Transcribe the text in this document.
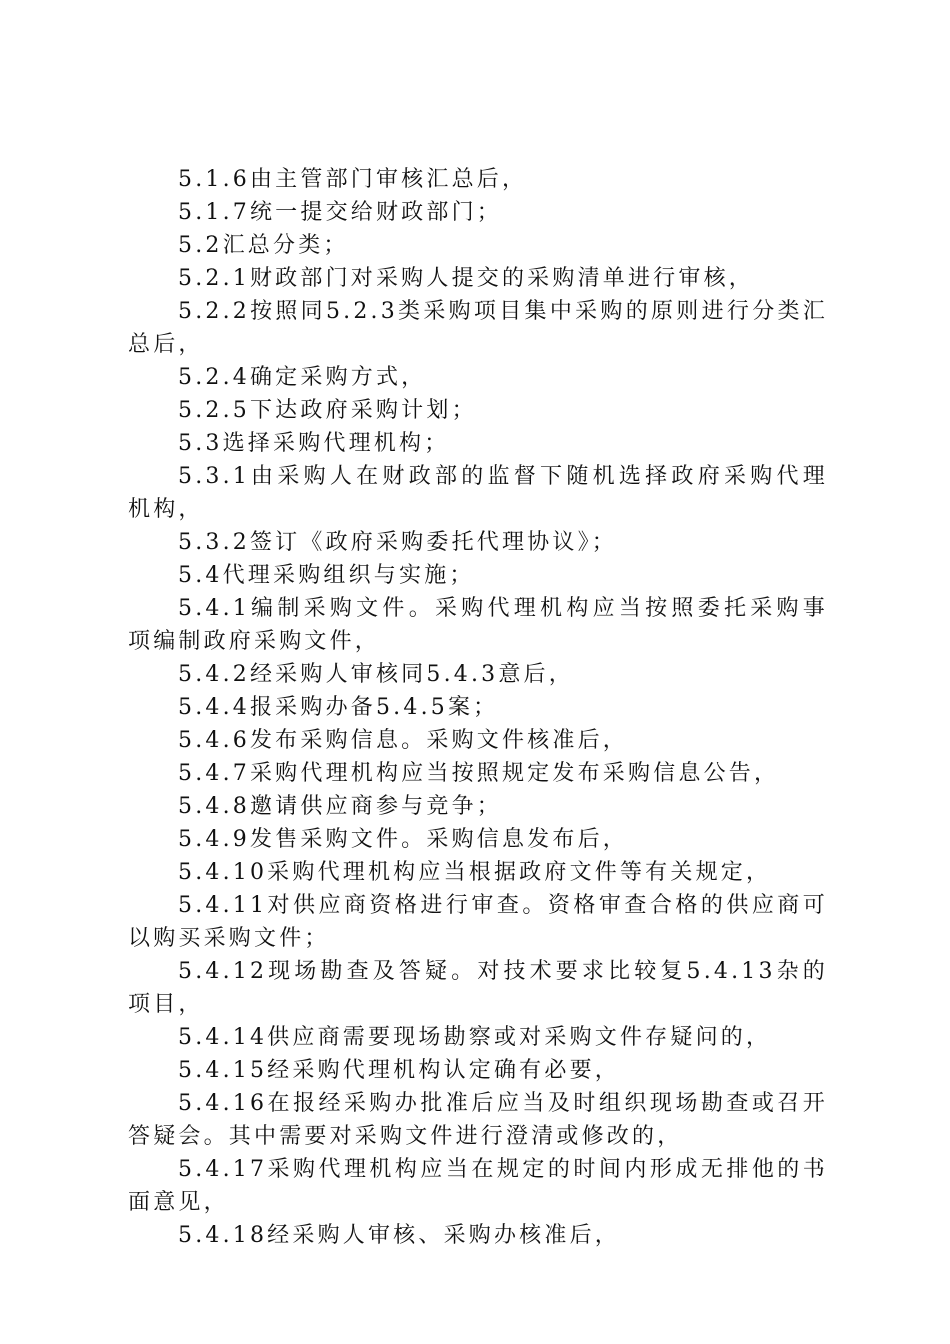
5.1.6由主管部门审核汇总后，

5.1.7统一提交给财政部门；

5.2汇总分类；

5.2.1财政部门对采购人提交的采购清单进行审核，

5.2.2按照同5.2.3类采购项目集中采购的原则进行分类汇总后，

5.2.4确定采购方式，

5.2.5下达政府采购计划；

5.3选择采购代理机构；

5.3.1由采购人在财政部的监督下随机选择政府采购代理机构，

5.3.2签订《政府采购委托代理协议》；

5.4代理采购组织与实施；

5.4.1编制采购文件。采购代理机构应当按照委托采购事项编制政府采购文件，

5.4.2经采购人审核同5.4.3意后，

5.4.4报采购办备5.4.5案；

5.4.6发布采购信息。采购文件核准后，

5.4.7采购代理机构应当按照规定发布采购信息公告，

5.4.8邀请供应商参与竞争；

5.4.9发售采购文件。采购信息发布后，

5.4.10采购代理机构应当根据政府文件等有关规定，

5.4.11对供应商资格进行审查。资格审查合格的供应商可以购买采购文件；

5.4.12现场勘查及答疑。对技术要求比较复5.4.13杂的项目，

5.4.14供应商需要现场勘察或对采购文件存疑问的，

5.4.15经采购代理机构认定确有必要，

5.4.16在报经采购办批准后应当及时组织现场勘查或召开答疑会。其中需要对采购文件进行澄清或修改的，

5.4.17采购代理机构应当在规定的时间内形成无排他的书面意见，

5.4.18经采购人审核、采购办核准后，
